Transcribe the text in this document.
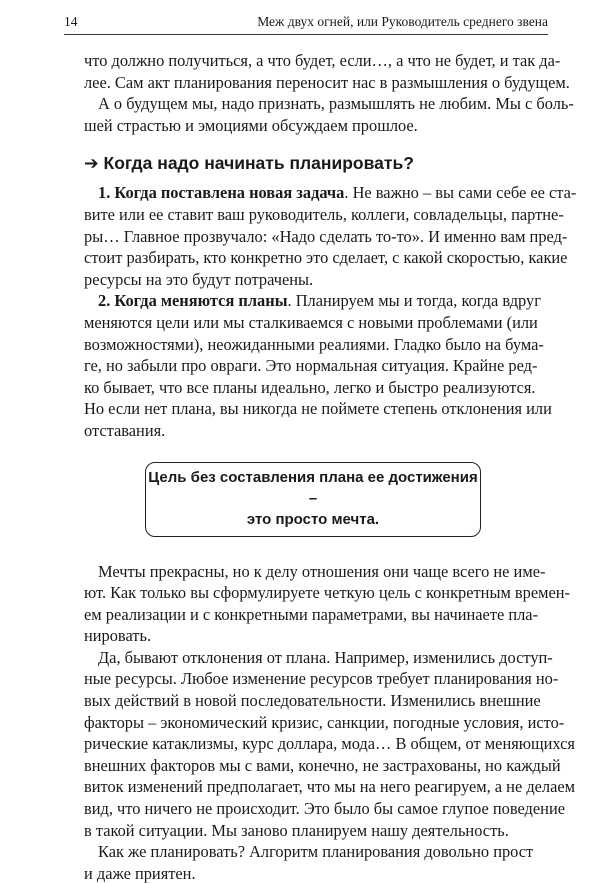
14	Меж двух огней, или Руководитель среднего звена

что должно получиться, а что будет, если…, а что не будет, и так да-

лее. Сам акт планирования переносит нас в размышления о будущем.

А о будущем мы, надо признать, размышлять не любим. Мы с боль-

шей страстью и эмоциями обсуждаем прошлое.

➔ Когда надо начинать планировать?

1. Когда поставлена новая задача. Не важно – вы сами себе ее ста-

вите или ее ставит ваш руководитель, коллеги, совладельцы, партне-

ры… Главное прозвучало: «Надо сделать то-то». И именно вам пред-

стоит разбирать, кто конкретно это сделает, с какой скоростью, какие

ресурсы на это будут потрачены.

2. Когда меняются планы. Планируем мы и тогда, когда вдруг

меняются цели или мы сталкиваемся с новыми проблемами (или

возможностями), неожиданными реалиями. Гладко было на бума-

ге, но забыли про овраги. Это нормальная ситуация. Крайне ред-

ко бывает, что все планы идеально, легко и быстро реализуются.

Но если нет плана, вы никогда не поймете степень отклонения или

отставания.

Цель без составления плана ее достижения –
это просто мечта.

Мечты прекрасны, но к делу отношения они чаще всего не име-

ют. Как только вы сформулируете четкую цель с конкретным времен-

ем реализации и с конкретными параметрами, вы начинаете пла-

нировать.

Да, бывают отклонения от плана. Например, изменились доступ-

ные ресурсы. Любое изменение ресурсов требует планирования но-

вых действий в новой последовательности. Изменились внешние

факторы – экономический кризис, санкции, погодные условия, исто-

рические катаклизмы, курс доллара, мода… В общем, от меняющихся

внешних факторов мы с вами, конечно, не застрахованы, но каждый

виток изменений предполагает, что мы на него реагируем, а не делаем

вид, что ничего не происходит. Это было бы самое глупое поведение

в такой ситуации. Мы заново планируем нашу деятельность.

Как же планировать? Алгоритм планирования довольно прост

и даже приятен.
